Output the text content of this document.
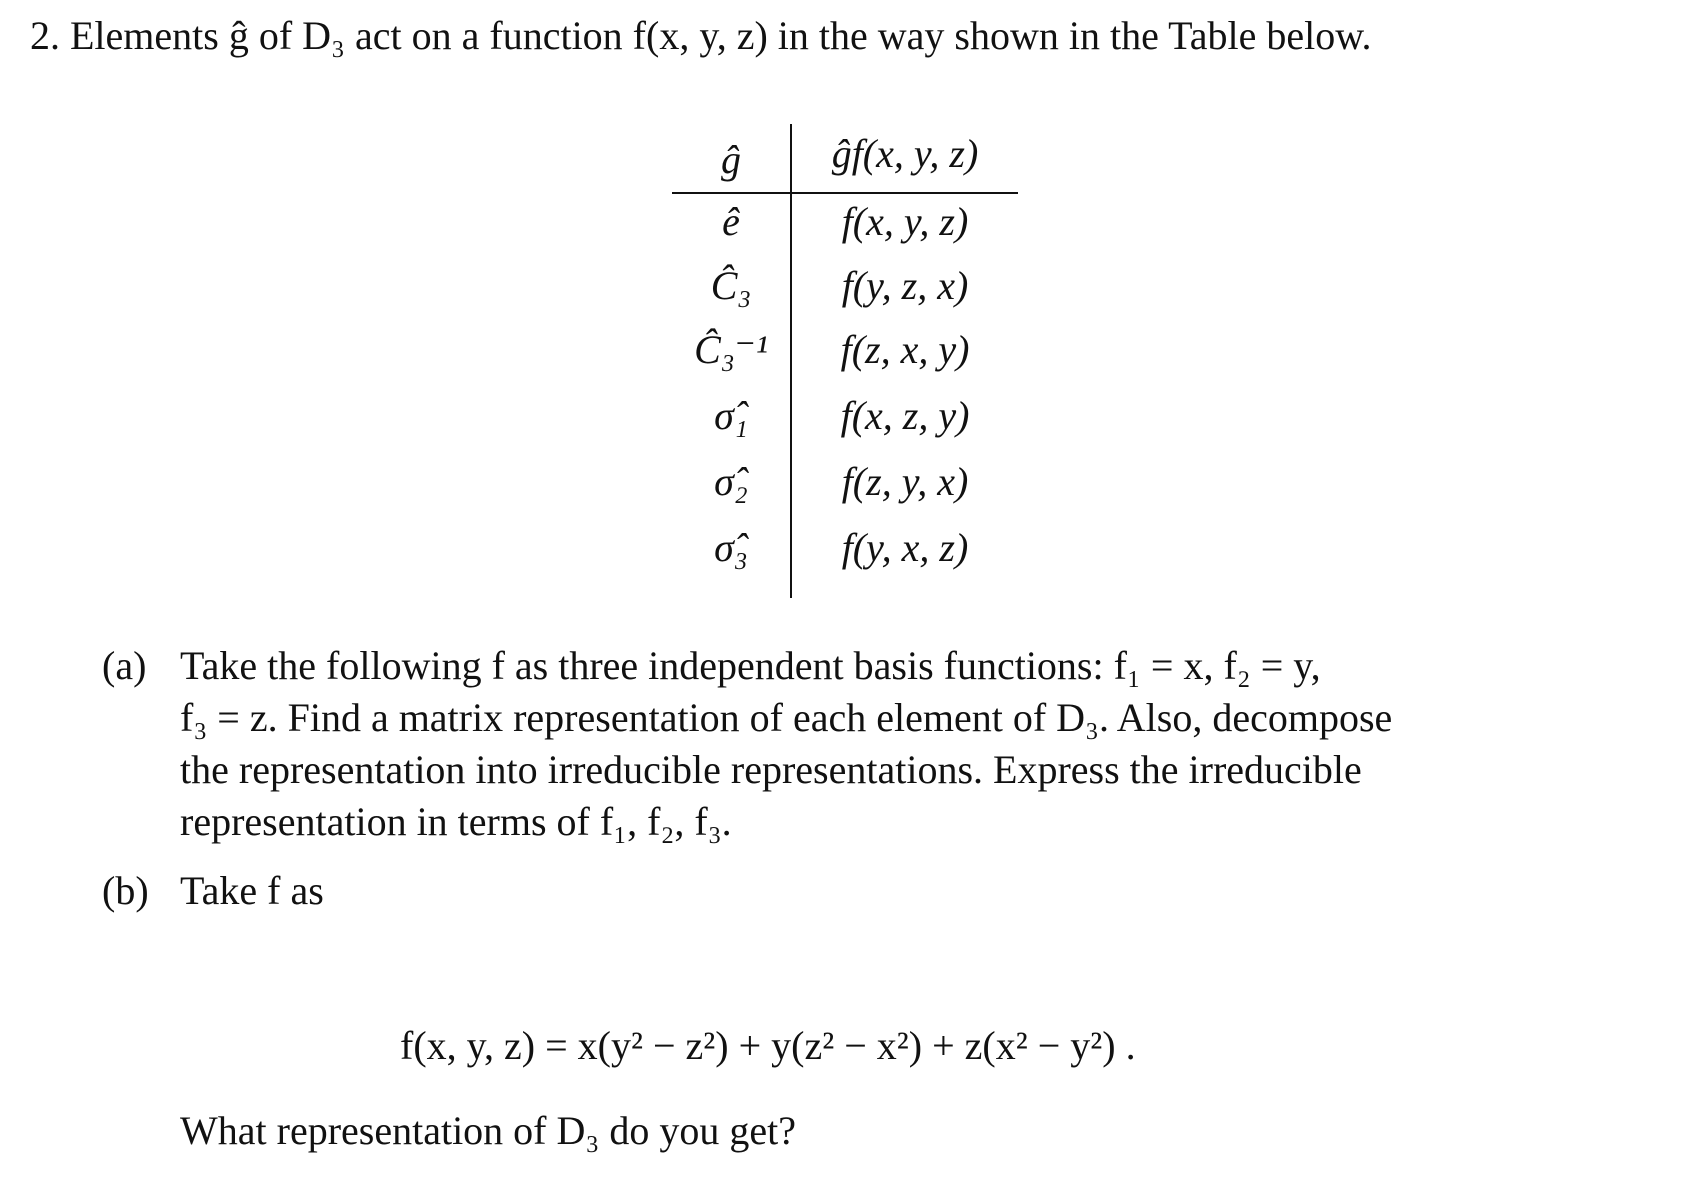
2. Elements ĝ of D₃ act on a function f(x, y, z) in the way shown in the Table below.
ĝ	ĝf(x, y, z)
ê	f(x, y, z)
Ĉ₃	f(y, z, x)
Ĉ₃⁻¹	f(z, x, y)
σ̂₁	f(x, z, y)
σ̂₂	f(z, y, x)
σ̂₃	f(y, x, z)
(a) Take the following f as three independent basis functions: f₁ = x, f₂ = y,
f₃ = z. Find a matrix representation of each element of D₃. Also, decompose
the representation into irreducible representations. Express the irreducible
representation in terms of f₁, f₂, f₃.
(b) Take f as
f(x, y, z) = x(y² − z²) + y(z² − x²) + z(x² − y²) .
What representation of D₃ do you get?
